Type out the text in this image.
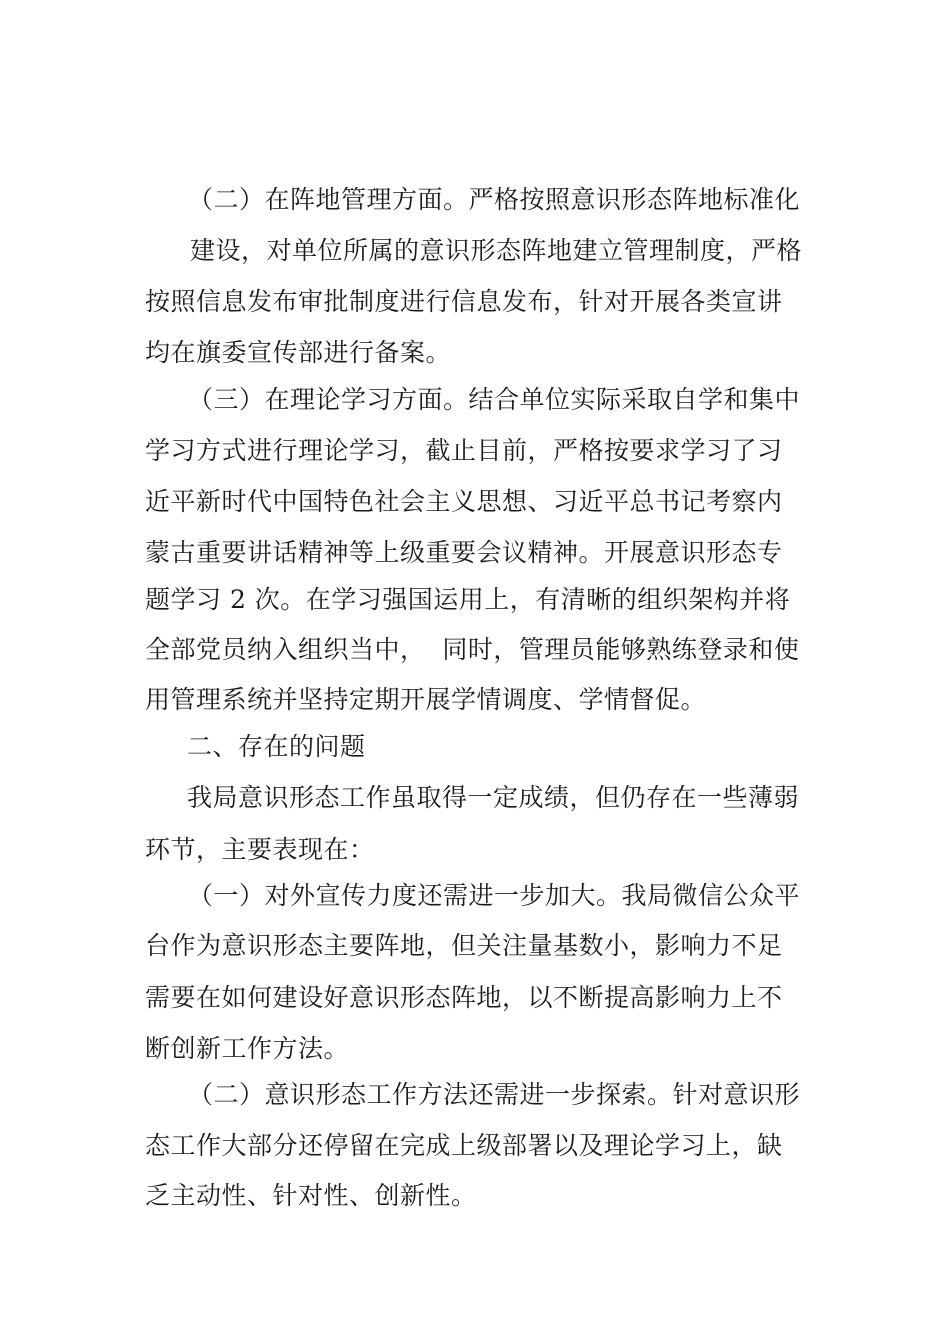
（二）在阵地管理方面。严格按照意识形态阵地标准化
建设，对单位所属的意识形态阵地建立管理制度，严格
按照信息发布审批制度进行信息发布，针对开展各类宣讲
均在旗委宣传部进行备案。
（三）在理论学习方面。结合单位实际采取自学和集中
学习方式进行理论学习，截止目前，严格按要求学习了习
近平新时代中国特色社会主义思想、习近平总书记考察内
蒙古重要讲话精神等上级重要会议精神。开展意识形态专
题学习 2 次。在学习强国运用上，有清晰的组织架构并将
全部党员纳入组织当中，  同时，管理员能够熟练登录和使
用管理系统并坚持定期开展学情调度、学情督促。
二、存在的问题
我局意识形态工作虽取得一定成绩，但仍存在一些薄弱
环节，主要表现在：
（一）对外宣传力度还需进一步加大。我局微信公众平
台作为意识形态主要阵地，但关注量基数小，影响力不足
需要在如何建设好意识形态阵地，以不断提高影响力上不
断创新工作方法。
（二）意识形态工作方法还需进一步探索。针对意识形
态工作大部分还停留在完成上级部署以及理论学习上，缺
乏主动性、针对性、创新性。
